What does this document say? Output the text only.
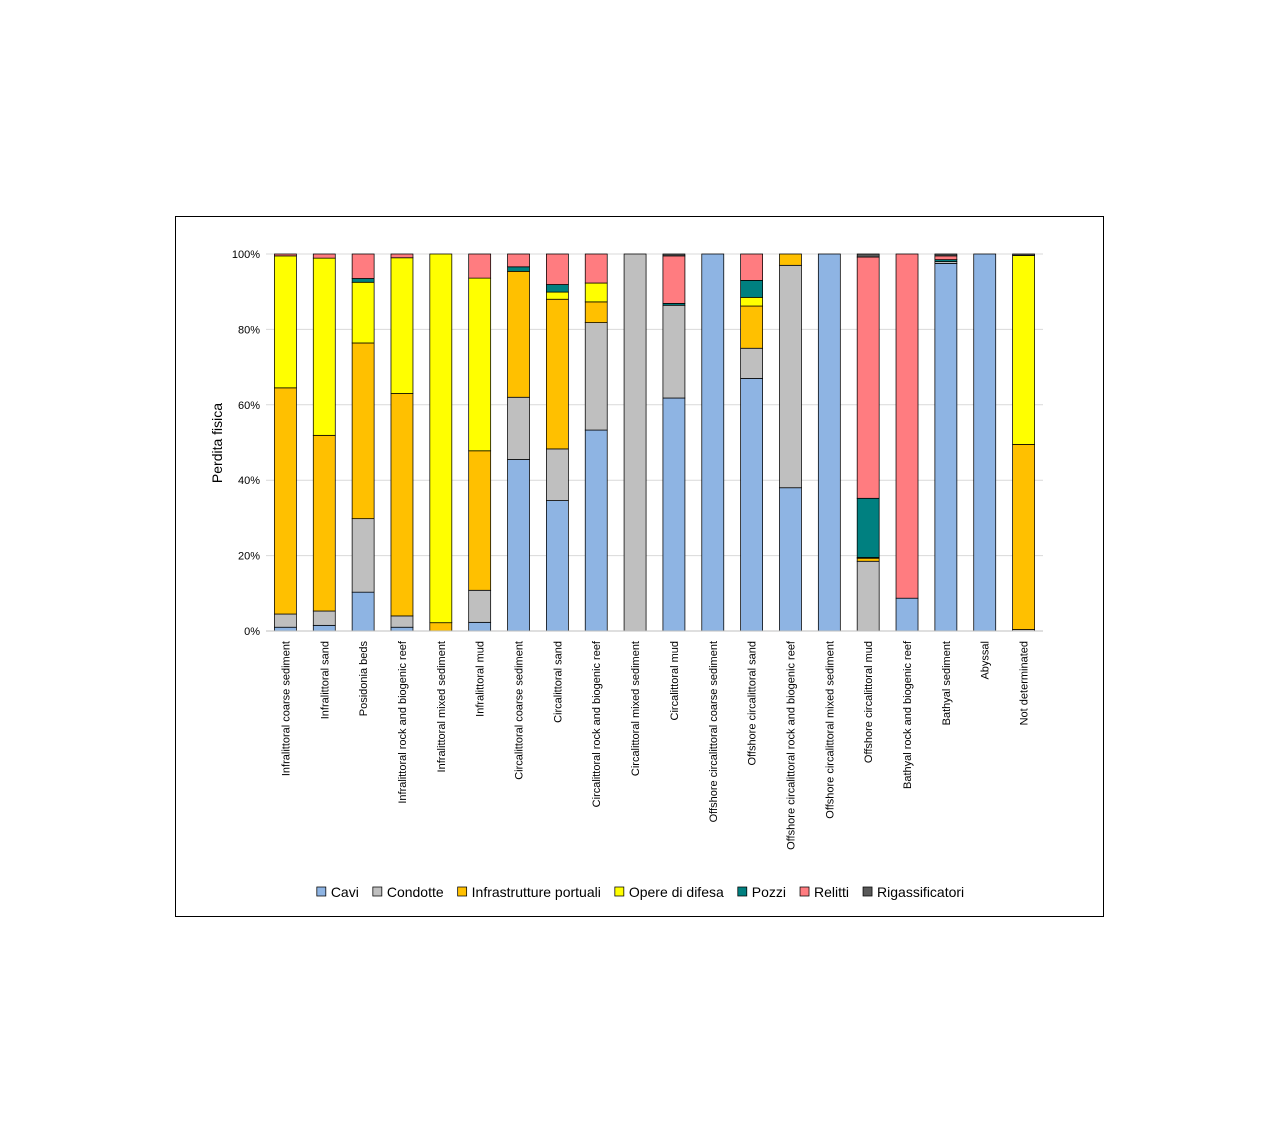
0%
20%
40%
60%
80%
100%
Infralittoral coarse sediment Infralittoral sand Posidonia beds Infralittoral rock and biogenic reef Infralittoral mixed sediment Infralittoral mud Circalittoral coarse sediment Circalittoral sand Circalittoral rock and biogenic reef Circalittoral mixed sediment Circalittoral mud Offshore circalittoral coarse sediment Offshore circalittoral sand Offshore circalittoral rock and biogenic reef Offshore circalittoral mixed sediment Offshore circalittoral mud Bathyal rock and biogenic reef Bathyal sediment Abyssal Not determinated
Perdita fisica
Cavi Condotte Infrastrutture portuali Opere di difesa Pozzi Relitti Rigassificatori
